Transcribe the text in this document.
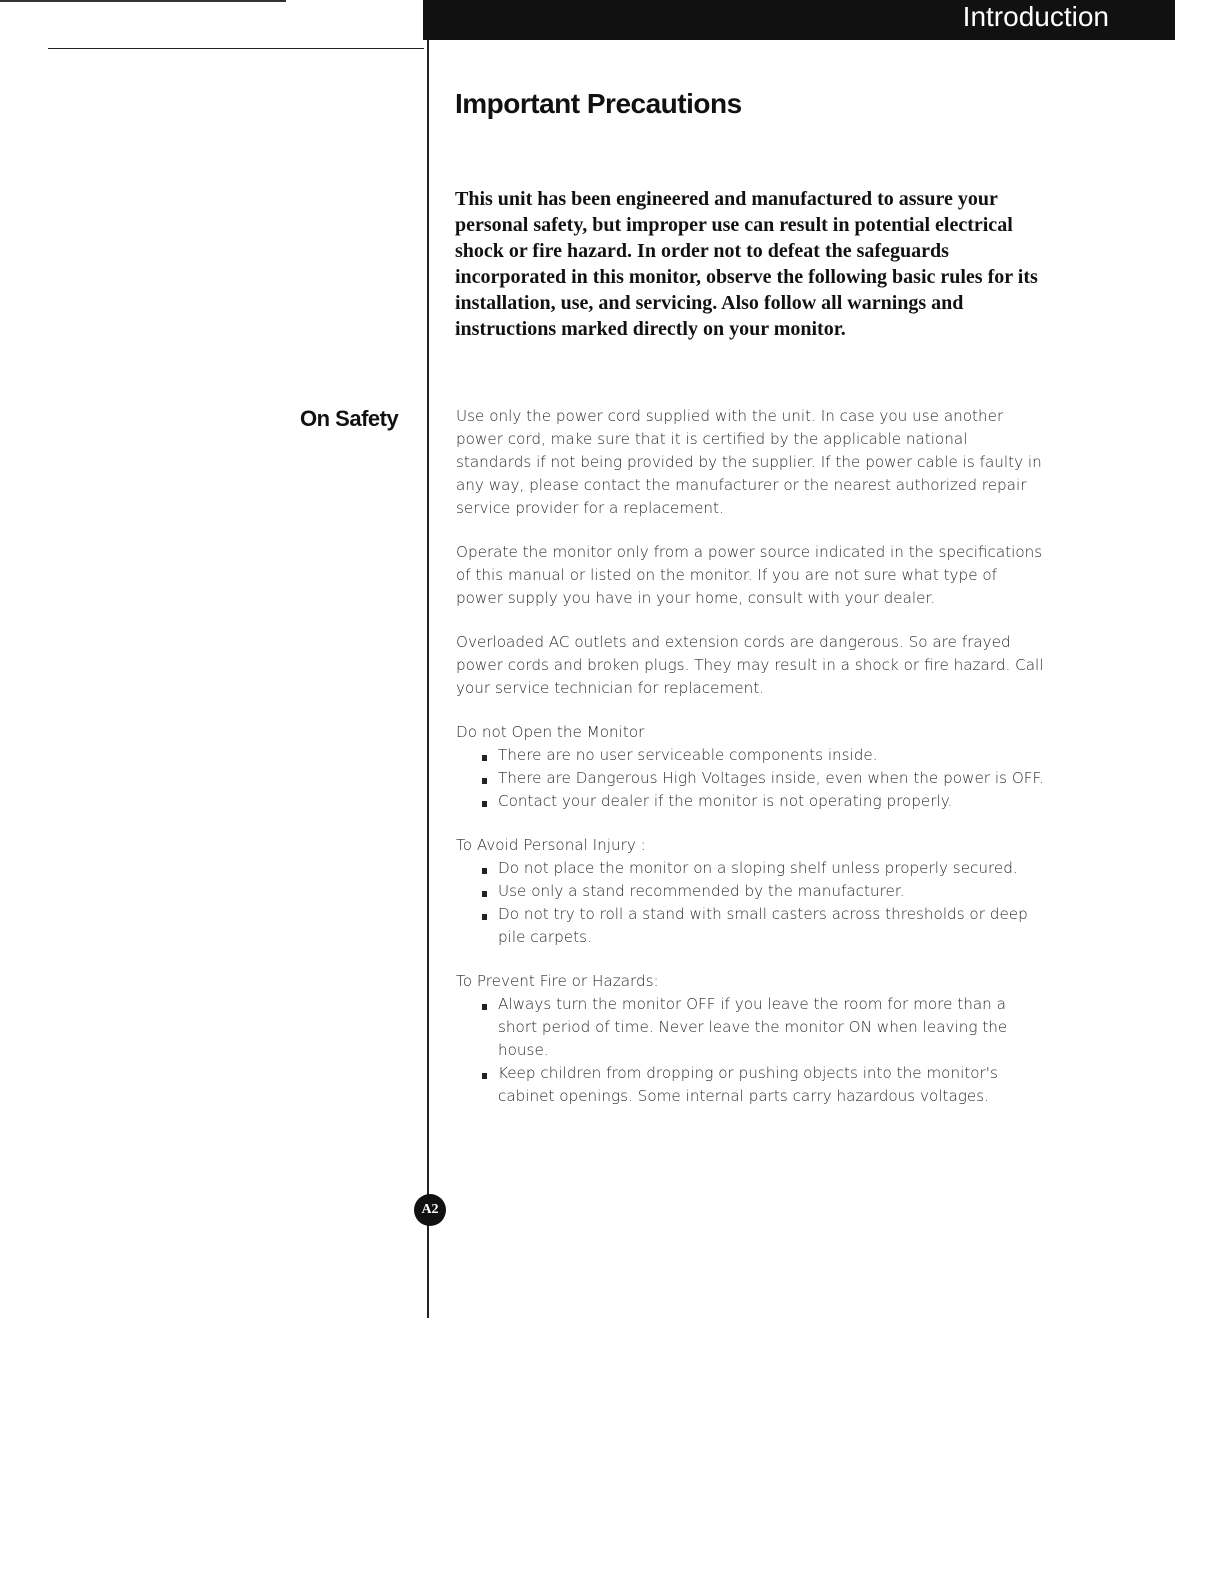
Introduction
Important Precautions

This unit has been engineered and manufactured to assure your personal safety, but improper use can result in potential electrical shock or fire hazard. In order not to defeat the safeguards incorporated in this monitor, observe the following basic rules for its installation, use, and servicing. Also follow all warnings and instructions marked directly on your monitor.

On Safety	Use only the power cord supplied with the unit. In case you use another power cord, make sure that it is certified by the applicable national standards if not being provided by the supplier. If the power cable is faulty in any way, please contact the manufacturer or the nearest authorized repair service provider for a replacement.

Operate the monitor only from a power source indicated in the specifications of this manual or listed on the monitor. If you are not sure what type of power supply you have in your home, consult with your dealer.

Overloaded AC outlets and extension cords are dangerous. So are frayed power cords and broken plugs. They may result in a shock or fire hazard. Call your service technician for replacement.

Do not Open the Monitor

There are no user serviceable components inside.
There are Dangerous High Voltages inside, even when the power is OFF.
Contact your dealer if the monitor is not operating properly.

To Avoid Personal Injury :

Do not place the monitor on a sloping shelf unless properly secured.
Use only a stand recommended by the manufacturer.
Do not try to roll a stand with small casters across thresholds or deep pile carpets.

To Prevent Fire or Hazards:

Always turn the monitor OFF if you leave the room for more than a short period of time. Never leave the monitor ON when leaving the house.
Keep children from dropping or pushing objects into the monitor's cabinet openings. Some internal parts carry hazardous voltages.
A2
